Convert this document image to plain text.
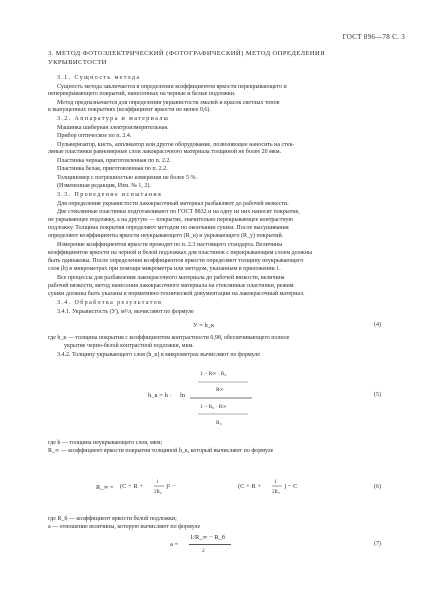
ГОСТ 896—78 С. 3
3. МЕТОД ФОТОЭЛЕКТРИЧЕСКИЙ (ФОТОГРАФИЧЕСКИЙ) МЕТОД ОПРЕДЕЛЕНИЯ
УКРЫВИСТОСТИ
3.1. Сущность метода
Сущность метода заключается в определении коэффициентов яркости перекрывающего и
неперекрывающего покрытий, нанесенных на черные и белые подложки.
Метод предназначается для определения укрывистости эмалей и красок светлых тонов
в выпущенных покрытиях (коэффициент яркости не менее 0,6).
3.2. Аппаратура и материалы
Машинка шиберная электроизмерительная.
Прибор оптическое по п. 2.4.
Пульверизатор, кисть, аппликатор или другое оборудование, позволяющее наносить на стек-
ляные пластинки равномерные слои лакокрасочного материала толщиной не более 20 мкм.
Пластинка черная, приготовленная по п. 2.2.
Пластинка белая, приготовленная по п. 2.2.
Толщиномер с погрешностью измерения не более 5 %.
(Измененная редакция, Изм. № 1, 2).
3.3. Проведение испытания
Для определения укрывистости лакокрасочный материал разбавляют до рабочей вязкости.
Две стеклянные пластинки подготавливают по ГОСТ 8832 и на одну из них наносят покрытие,
не укрывающее подложку, а на другую — покрытие, значительно перекрывающее контрастную
подложку. Толщина покрытия определяют методом по окончании сушки. После высушивания
определяют коэффициенты яркости неукрывающего (R_н) и укрывающего (R_у) покрытий.
Измерение коэффициентов яркости проводят по п. 2.3 настоящего стандарта. Величины
коэффициентов яркости на черной и белой подложках для пластинок с перекрывающим слоем должны
быть одинаковы. После определения коэффициентов яркости определяют толщину неукрывающего
слоя (h) в микрометрах при помощи микрометра или методом, указанным в приложении 1.
Все процессы для разбавления лакокрасочного материала до рабочей вязкости, величина
рабочей вязкости, метод нанесения лакокрасочного материала на стеклянные пластинки, режим
сушки должны быть указаны в нормативно-технической документации на лакокрасочный материал.
3.4. Обработка результатов
3.4.1. Укрывистость (У), м²/л, вычисляют по формуле
У = h_к	(4)
где h_к — толщина покрытия с коэффициентом контрастности 0,98, обеспечивающего полное
укрытие черно-белой контрастной подложки, мкм.
3.4.2. Толщину укрывающего слоя (h_к) в микрометрах вычисляют по формуле
h_к = h · ln
1 − R∞ · R₀
R∞
1 − R₀ · R∞
R₀
(5)
где h — толщина неукрывающего слоя, мкм;
R_∞ — коэффициент яркости покрытия толщиной h_к, который вычисляют по формуле
R_∞ = (C + R +
1
2R₀
)² −	(C + R +
1
2R₀
) − C	(6)
где R_б — коэффициент яркости белой подложки;
а — отношение величины, которую вычисляют по формуле
a =
1/R_∞ − R_б
2
(7)
